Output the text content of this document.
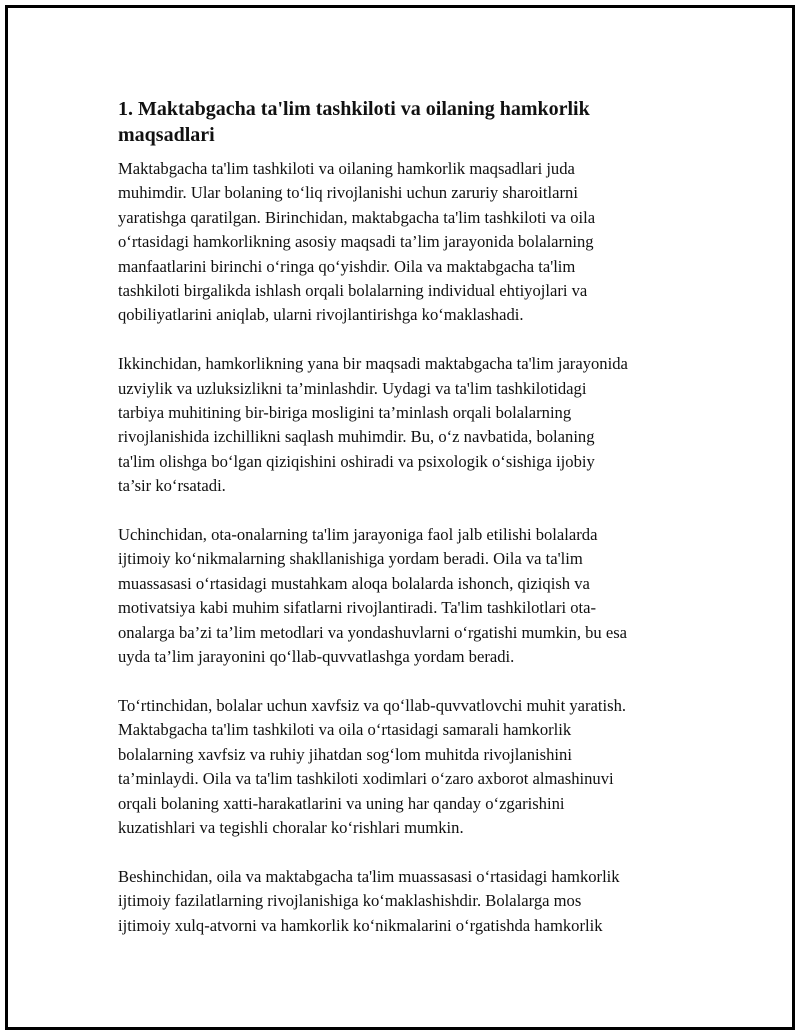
1. Maktabgacha ta'lim tashkiloti va oilaning hamkorlik
maqsadlari

Maktabgacha ta'lim tashkiloti va oilaning hamkorlik maqsadlari juda
muhimdir. Ular bolaning to‘liq rivojlanishi uchun zaruriy sharoitlarni
yaratishga qaratilgan. Birinchidan, maktabgacha ta'lim tashkiloti va oila
o‘rtasidagi hamkorlikning asosiy maqsadi ta’lim jarayonida bolalarning
manfaatlarini birinchi o‘ringa qo‘yishdir. Oila va maktabgacha ta'lim
tashkiloti birgalikda ishlash orqali bolalarning individual ehtiyojlari va
qobiliyatlarini aniqlab, ularni rivojlantirishga ko‘maklashadi.

Ikkinchidan, hamkorlikning yana bir maqsadi maktabgacha ta'lim jarayonida
uzviylik va uzluksizlikni ta’minlashdir. Uydagi va ta'lim tashkilotidagi
tarbiya muhitining bir-biriga mosligini ta’minlash orqali bolalarning
rivojlanishida izchillikni saqlash muhimdir. Bu, o‘z navbatida, bolaning
ta'lim olishga bo‘lgan qiziqishini oshiradi va psixologik o‘sishiga ijobiy
ta’sir ko‘rsatadi.

Uchinchidan, ota-onalarning ta'lim jarayoniga faol jalb etilishi bolalarda
ijtimoiy ko‘nikmalarning shakllanishiga yordam beradi. Oila va ta'lim
muassasasi o‘rtasidagi mustahkam aloqa bolalarda ishonch, qiziqish va
motivatsiya kabi muhim sifatlarni rivojlantiradi. Ta'lim tashkilotlari ota-
onalarga ba’zi ta’lim metodlari va yondashuvlarni o‘rgatishi mumkin, bu esa
uyda ta’lim jarayonini qo‘llab-quvvatlashga yordam beradi.

To‘rtinchidan, bolalar uchun xavfsiz va qo‘llab-quvvatlovchi muhit yaratish.
Maktabgacha ta'lim tashkiloti va oila o‘rtasidagi samarali hamkorlik
bolalarning xavfsiz va ruhiy jihatdan sog‘lom muhitda rivojlanishini
ta’minlaydi. Oila va ta'lim tashkiloti xodimlari o‘zaro axborot almashinuvi
orqali bolaning xatti-harakatlarini va uning har qanday o‘zgarishini
kuzatishlari va tegishli choralar ko‘rishlari mumkin.

Beshinchidan, oila va maktabgacha ta'lim muassasasi o‘rtasidagi hamkorlik
ijtimoiy fazilatlarning rivojlanishiga ko‘maklashishdir. Bolalarga mos
ijtimoiy xulq-atvorni va hamkorlik ko‘nikmalarini o‘rgatishda hamkorlik
